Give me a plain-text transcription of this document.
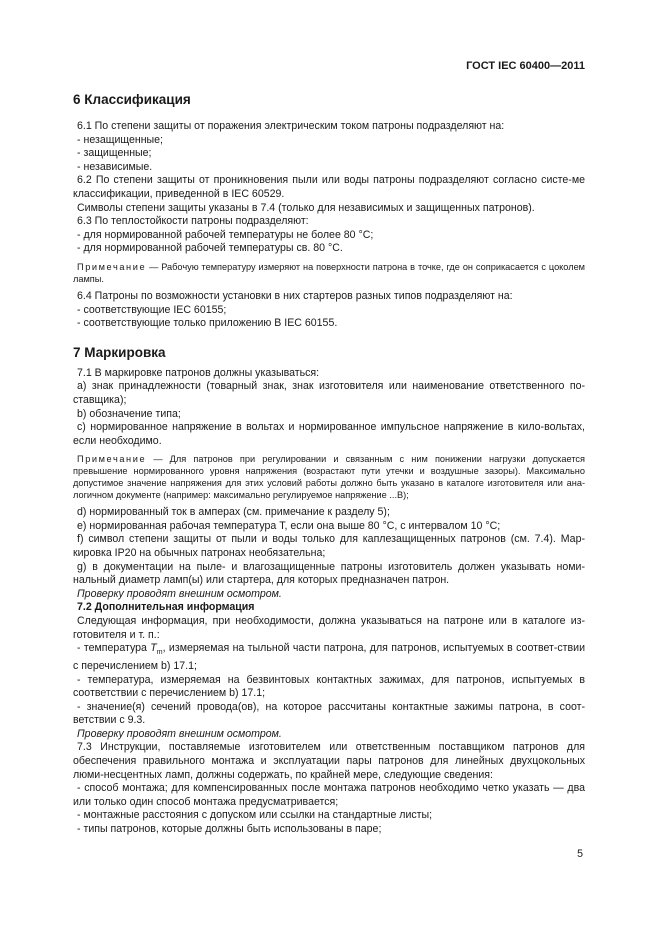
ГОСТ IEC 60400—2011
6 Классификация

6.1 По степени защиты от поражения электрическим током патроны подразделяют на:

- незащищенные;

- защищенные;

- независимые.

6.2 По степени защиты от проникновения пыли или воды патроны подразделяют согласно систе-ме классификации, приведенной в IEC 60529.

Символы степени защиты указаны в 7.4 (только для независимых и защищенных патронов).

6.3 По теплостойкости патроны подразделяют:

- для нормированной рабочей температуры не более 80 °С;

- для нормированной рабочей температуры св. 80 °С.

Примечание — Рабочую температуру измеряют на поверхности патрона в точке, где он соприкасается с цоколем лампы.

6.4 Патроны по возможности установки в них стартеров разных типов подразделяют на:

- соответствующие IEC 60155;

- соответствующие только приложению В IEC 60155.

7 Маркировка

7.1 В маркировке патронов должны указываться:

а) знак принадлежности (товарный знак, знак изготовителя или наименование ответственного по-ставщика);

b) обозначение типа;

с) нормированное напряжение в вольтах и нормированное импульсное напряжение в кило-вольтах, если необходимо.

Примечание — Для патронов при регулировании и связанным с ним понижении нагрузки допускается превышение нормированного уровня напряжения (возрастают пути утечки и воздушные зазоры). Максимально допустимое значение напряжения для этих условий работы должно быть указано в каталоге изготовителя или ана-логичном документе (например: максимально регулируемое напряжение ...В);

d) нормированный ток в амперах (см. примечание к разделу 5);

е) нормированная рабочая температура Т, если она выше 80 °С, с интервалом 10 °С;

f) символ степени защиты от пыли и воды только для каплезащищенных патронов (см. 7.4). Мар-кировка IP20 на обычных патронах необязательна;

g) в документации на пыле- и влагозащищенные патроны изготовитель должен указывать номи-нальный диаметр ламп(ы) или стартера, для которых предназначен патрон.

Проверку проводят внешним осмотром.

7.2 Дополнительная информация

Следующая информация, при необходимости, должна указываться на патроне или в каталоге из-готовителя и т. п.:

- температура $T_m$, измеряемая на тыльной части патрона, для патронов, испытуемых в соответ-ствии с перечислением b) 17.1;

- температура, измеряемая на безвинтовых контактных зажимах, для патронов, испытуемых в соответствии с перечислением b) 17.1;

- значение(я) сечений провода(ов), на которое рассчитаны контактные зажимы патрона, в соот-ветствии с 9.3.

Проверку проводят внешним осмотром.

7.3 Инструкции, поставляемые изготовителем или ответственным поставщиком патронов для обеспечения правильного монтажа и эксплуатации пары патронов для линейных двухцокольных люми-несцентных ламп, должны содержать, по крайней мере, следующие сведения:

- способ монтажа; для компенсированных после монтажа патронов необходимо четко указать — два или только один способ монтажа предусматривается;

- монтажные расстояния с допуском или ссылки на стандартные листы;

- типы патронов, которые должны быть использованы в паре;

5
